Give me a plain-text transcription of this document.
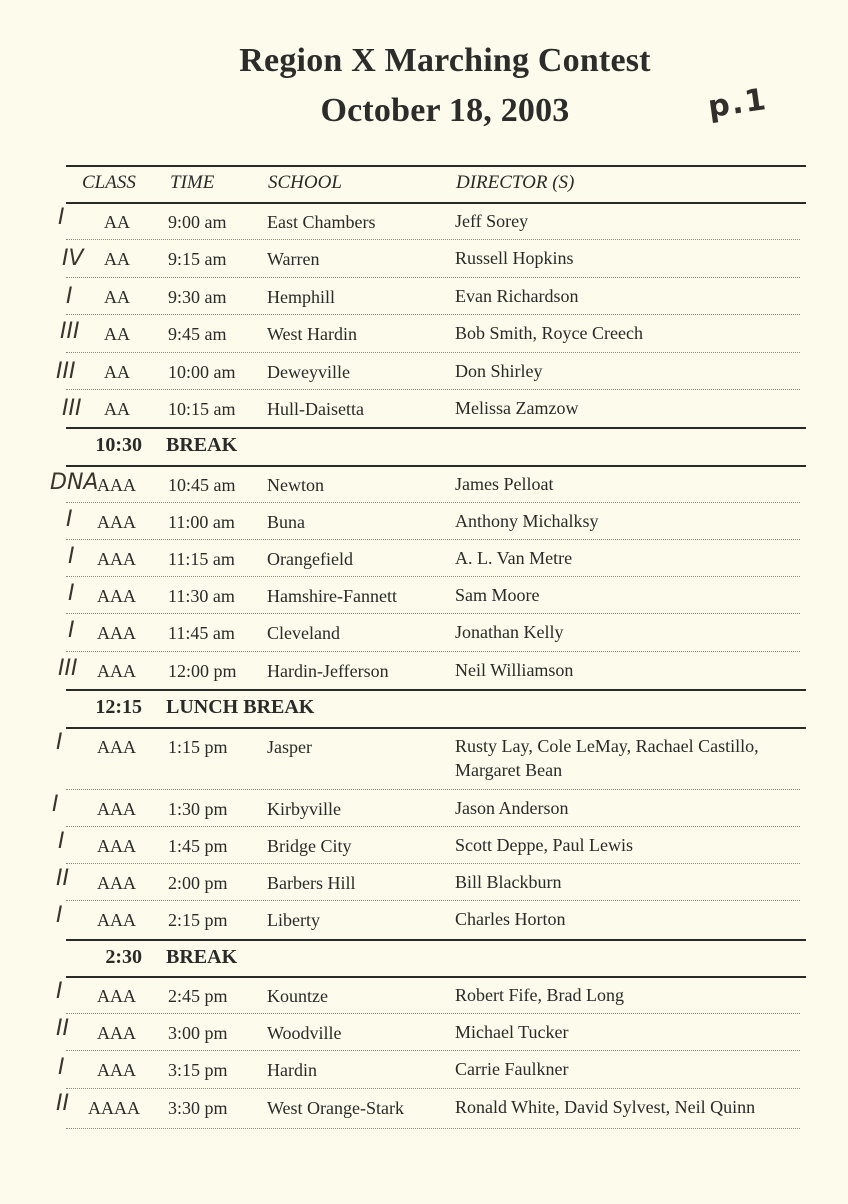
Region X Marching Contest
October 18, 2003	p.1
CLASS TIME	SCHOOL	DIRECTOR (S)
I AA 9:00 am East Chambers	Jeff Sorey
IV AA 9:15 am Warren	Russell Hopkins
I AA 9:30 am Hemphill	Evan Richardson
III AA 9:45 am West Hardin	Bob Smith, Royce Creech
III AA 10:00 am Deweyville	Don Shirley
III AA 10:15 am Hull-Daisetta	Melissa Zamzow
10:30 BREAK
DNA
AAA 10:45 am Newton	James Pelloat
I AAA 11:00 am Buna	Anthony Michalksy
I AAA 11:15 am Orangefield	A. L. Van Metre
I AAA 11:30 am Hamshire-Fannett	Sam Moore
I AAA 11:45 am Cleveland	Jonathan Kelly
III AAA 12:00 pm Hardin-Jefferson	Neil Williamson
12:15 LUNCH BREAK
I AAA 1:15 pm Jasper	Rusty Lay, Cole LeMay, Rachael Castillo,
Margaret Bean
I AAA 1:30 pm Kirbyville	Jason Anderson
I AAA 1:45 pm Bridge City	Scott Deppe, Paul Lewis
II AAA 2:00 pm Barbers Hill	Bill Blackburn
I AAA 2:15 pm Liberty	Charles Horton
2:30 BREAK
I AAA 2:45 pm Kountze	Robert Fife, Brad Long
II AAA 3:00 pm Woodville	Michael Tucker
I AAA 3:15 pm Hardin	Carrie Faulkner
II AAAA 3:30 pm West Orange-Stark	Ronald White, David Sylvest, Neil Quinn
